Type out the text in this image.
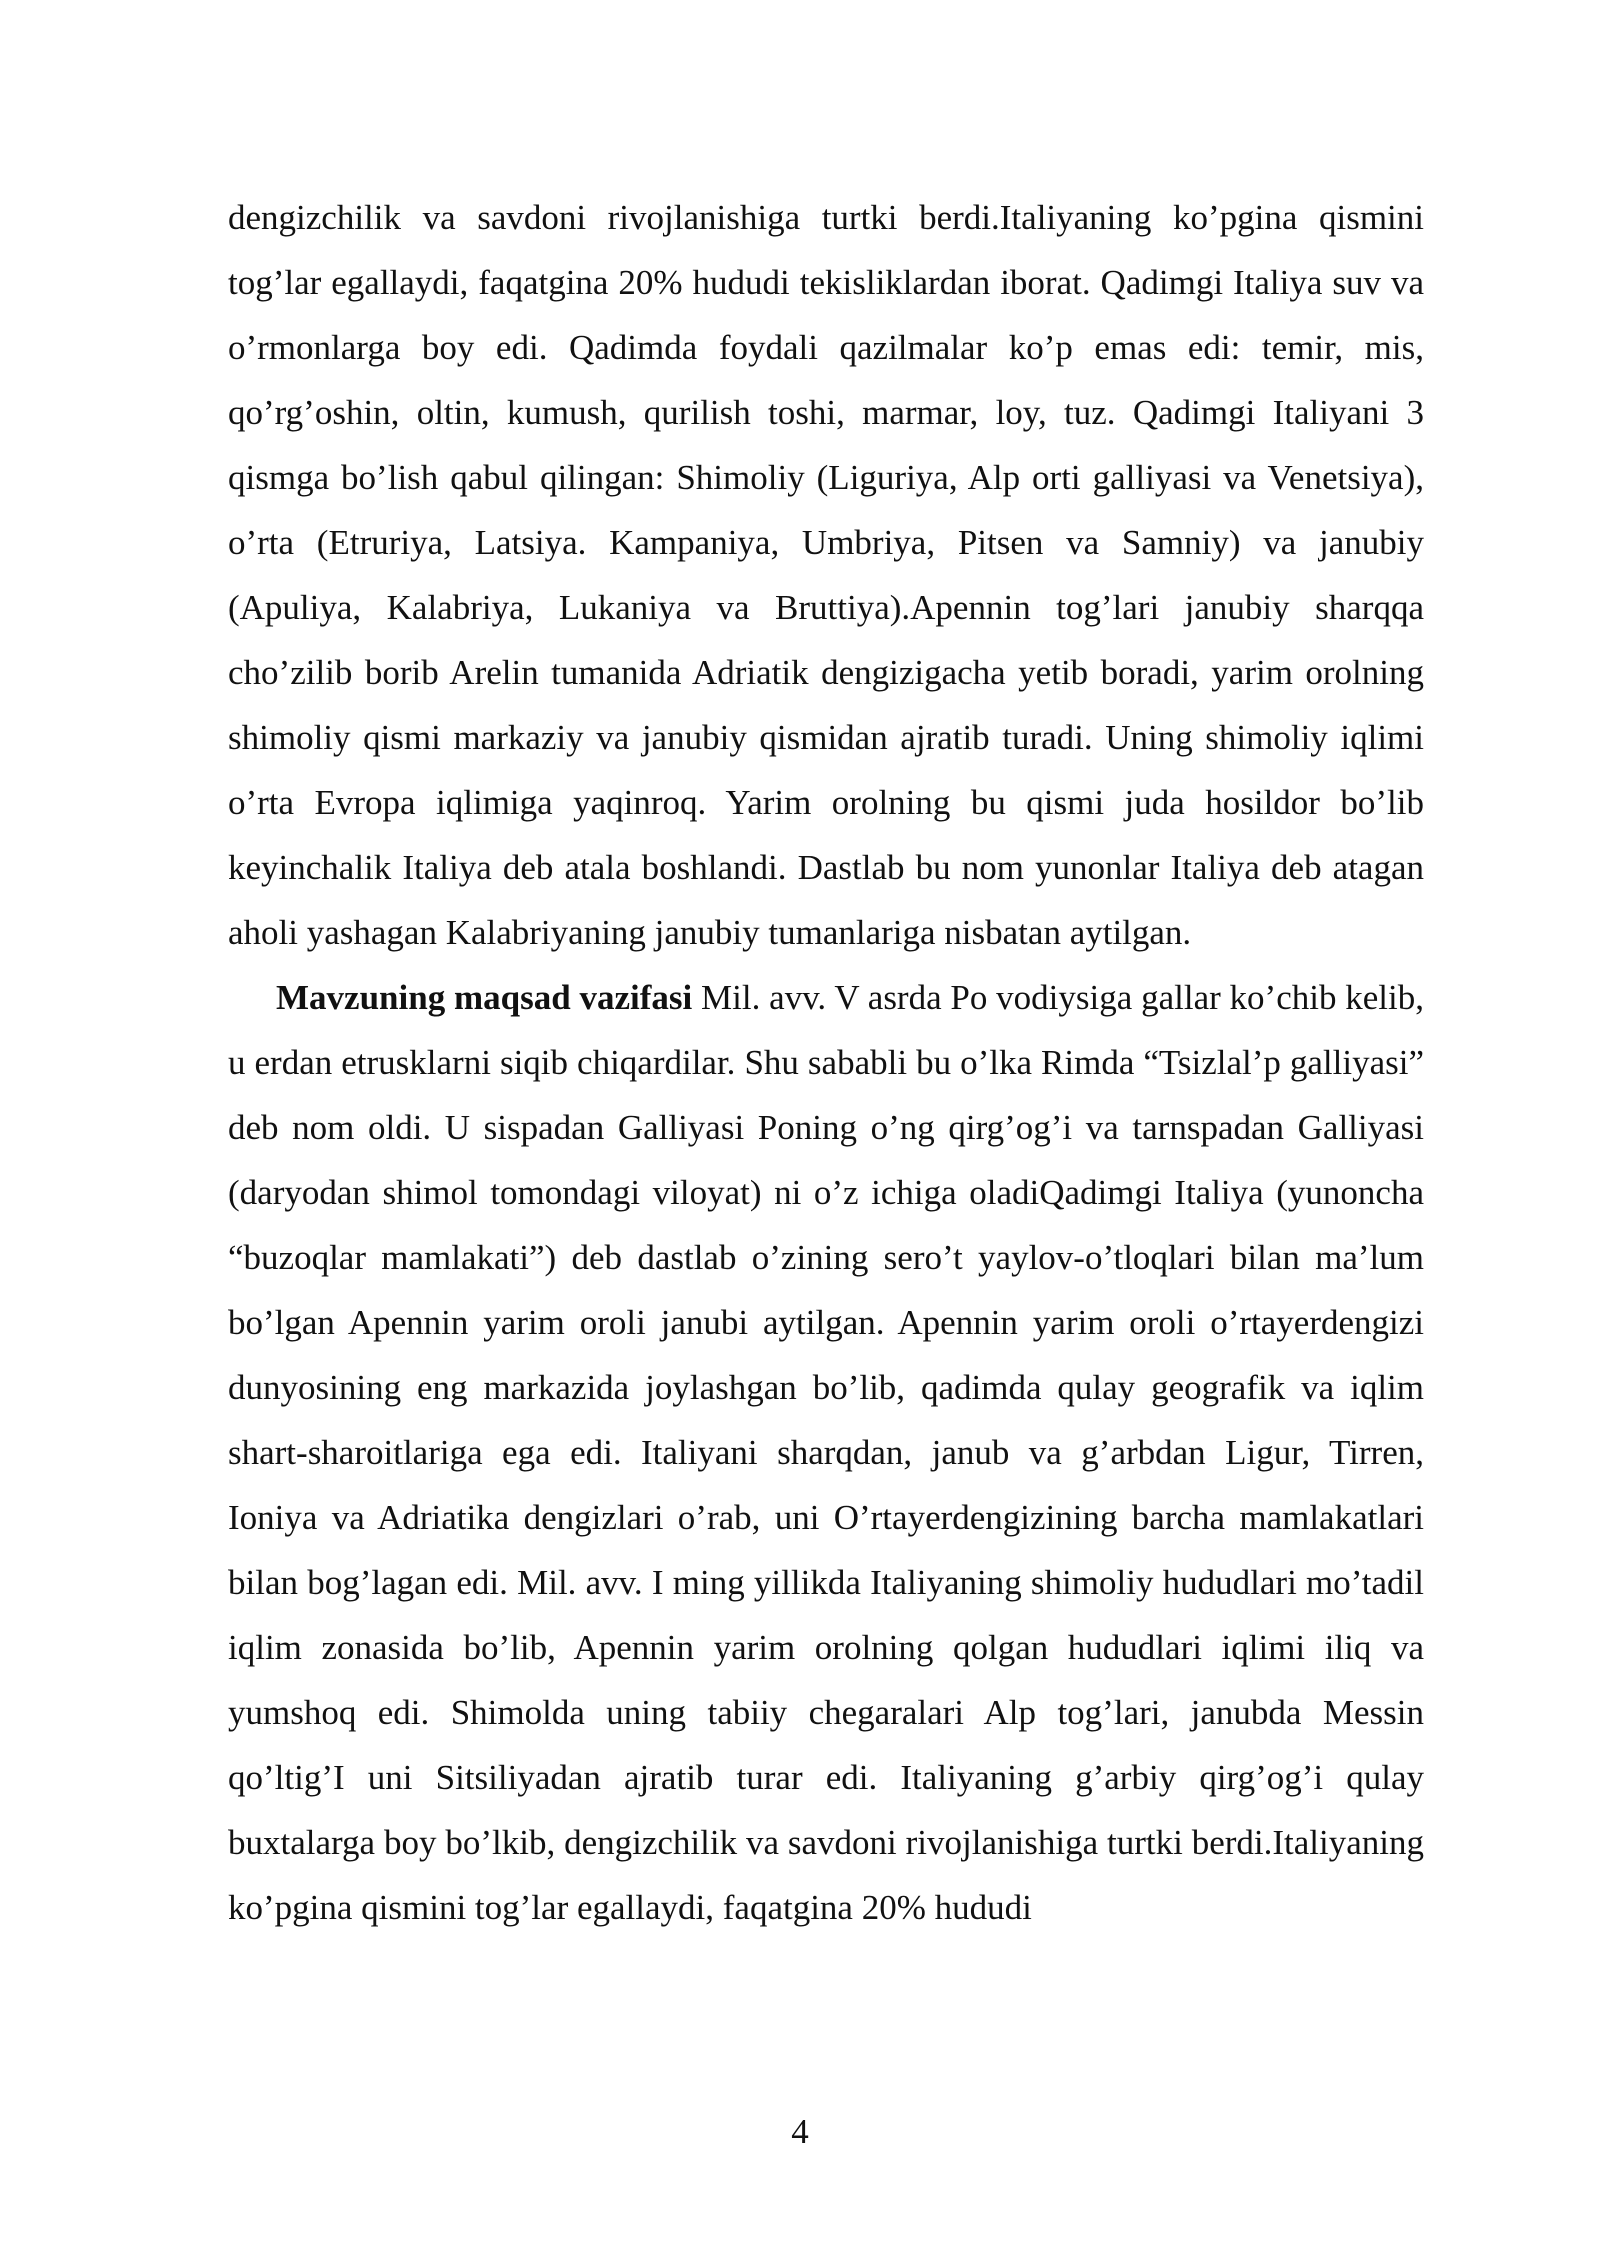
dengizchilik va savdoni rivojlanishiga turtki berdi.Italiyaning ko’pgina qismini tog’lar egallaydi, faqatgina 20% hududi tekisliklardan iborat. Qadimgi Italiya suv va o’rmonlarga boy edi. Qadimda foydali qazilmalar ko’p emas edi: temir, mis, qo’rg’oshin, oltin, kumush, qurilish toshi, marmar, loy, tuz. Qadimgi Italiyani 3 qismga bo’lish qabul qilingan: Shimoliy (Liguriya, Alp orti galliyasi va Venetsiya), o’rta (Etruriya, Latsiya. Kampaniya, Umbriya, Pitsen va Samniy) va janubiy (Apuliya, Kalabriya, Lukaniya va Bruttiya).Apennin tog’lari janubiy sharqqa cho’zilib borib Arelin tumanida Adriatik dengizigacha yetib boradi, yarim orolning shimoliy qismi markaziy va janubiy qismidan ajratib turadi. Uning shimoliy iqlimi o’rta Evropa iqlimiga yaqinroq. Yarim orolning bu qismi juda hosildor bo’lib keyinchalik Italiya deb atala boshlandi. Dastlab bu nom yunonlar Italiya deb atagan aholi yashagan Kalabriyaning janubiy tumanlariga nisbatan aytilgan.

Mavzuning maqsad vazifasi Mil. avv. V asrda Po vodiysiga gallar ko’chib kelib, u erdan etrusklarni siqib chiqardilar. Shu sababli bu o’lka Rimda “Tsizlal’p galliyasi” deb nom oldi. U sispadan Galliyasi Poning o’ng qirg’og’i va tarnspadan Galliyasi (daryodan shimol tomondagi viloyat) ni o’z ichiga oladiQadimgi Italiya (yunoncha “buzoqlar mamlakati”) deb dastlab o’zining sero’t yaylov-o’tloqlari bilan ma’lum bo’lgan Apennin yarim oroli janubi aytilgan. Apennin yarim oroli o’rtayerdengizi dunyosining eng markazida joylashgan bo’lib, qadimda qulay geografik va iqlim shart-sharoitlariga ega edi. Italiyani sharqdan, janub va g’arbdan Ligur, Tirren, Ioniya va Adriatika dengizlari o’rab, uni O’rtayerdengizining barcha mamlakatlari bilan bog’lagan edi. Mil. avv. I ming yillikda Italiyaning shimoliy hududlari mo’tadil iqlim zonasida bo’lib, Apennin yarim orolning qolgan hududlari iqlimi iliq va yumshoq edi. Shimolda uning tabiiy chegaralari Alp tog’lari, janubda Messin qo’ltig’I uni Sitsiliyadan ajratib turar edi. Italiyaning g’arbiy qirg’og’i qulay buxtalarga boy bo’lkib, dengizchilik va savdoni rivojlanishiga turtki berdi.Italiyaning ko’pgina qismini tog’lar egallaydi, faqatgina 20% hududi

4
